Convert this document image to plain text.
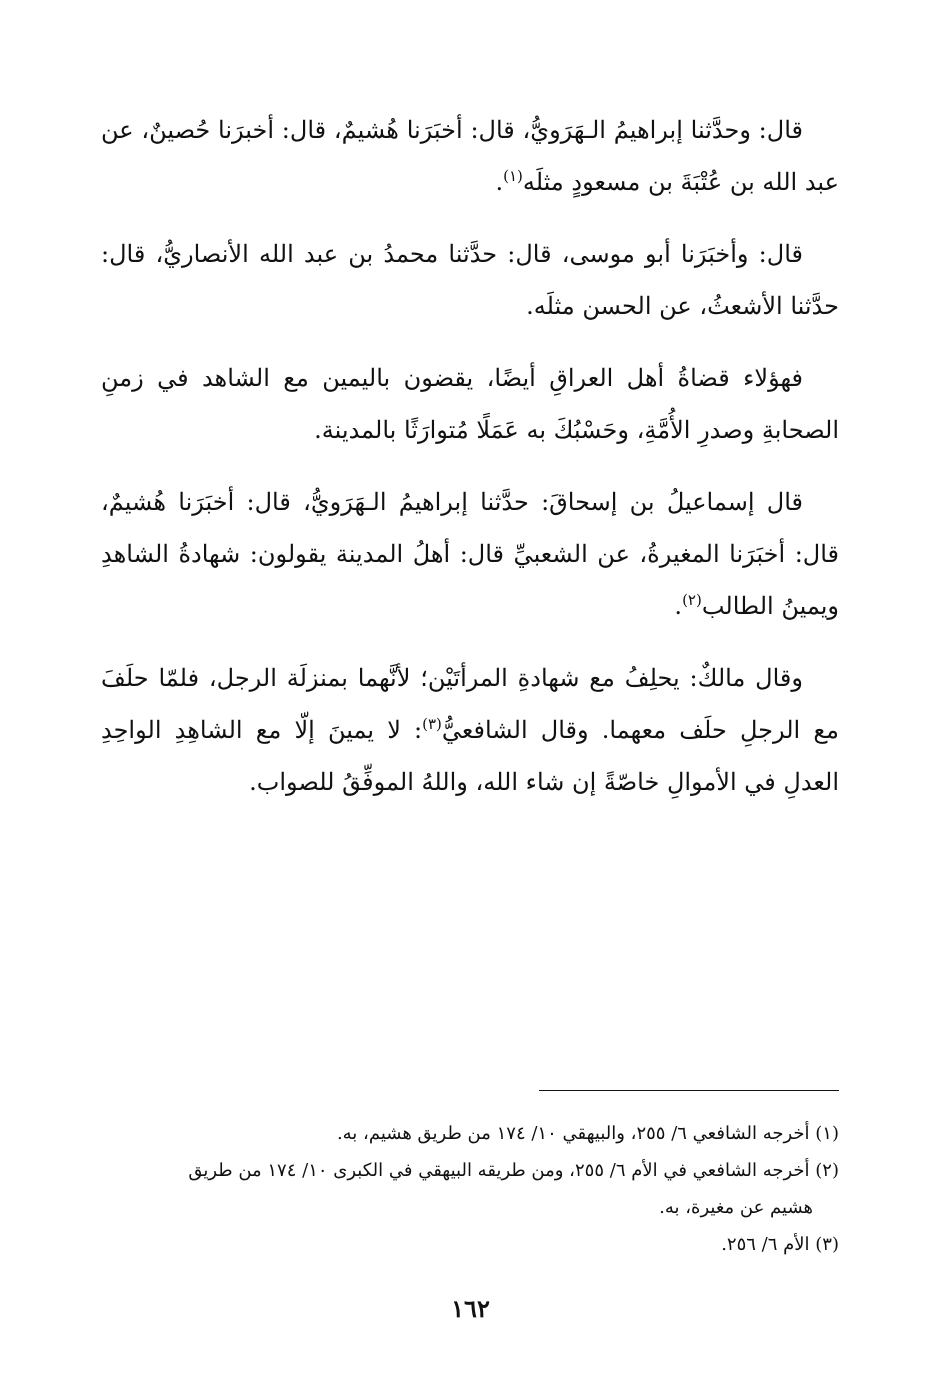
قال: وحدَّثنا إبراهيمُ الـهَرَويُّ، قال: أخبَرَنا هُشيمٌ، قال: أخبرَنا حُصينٌ، عن عبد الله بن عُتْبَةَ بن مسعودٍ مثلَه$^{(١)}$.

قال: وأخبَرَنا أبو موسى، قال: حدَّثنا محمدُ بن عبد الله الأنصاريُّ، قال: حدَّثنا الأشعثُ، عن الحسن مثلَه.

فهؤلاء قضاةُ أهل العراقِ أيضًا، يقضون باليمين مع الشاهد في زمنِ الصحابةِ وصدرِ الأُمَّةِ، وحَسْبُكَ به عَمَلًا مُتوارَثًا بالمدينة.

قال إسماعيلُ بن إسحاقَ: حدَّثنا إبراهيمُ الـهَرَويُّ، قال: أخبَرَنا هُشيمٌ، قال: أخبَرَنا المغيرةُ، عن الشعبيِّ قال: أهلُ المدينة يقولون: شهادةُ الشاهدِ ويمينُ الطالب$^{(٢)}$.

وقال مالكٌ: يحلِفُ مع شهادةِ المرأتَيْن؛ لأنَّهما بمنزلَة الرجل، فلمّا حلَفَ مع الرجلِ حلَف معهما. وقال الشافعيُّ$^{(٣)}$: لا يمينَ إلّا مع الشاهِدِ الواحِدِ العدلِ في الأموالِ خاصّةً إن شاء الله، واللهُ الموفِّقُ للصواب.

(١) أخرجه الشافعي ٦/ ٢٥٥، والبيهقي ١٠/ ١٧٤ من طريق هشيم، به.

(٢) أخرجه الشافعي في الأم ٦/ ٢٥٥، ومن طريقه البيهقي في الكبرى ١٠/ ١٧٤ من طريق
هشيم عن مغيرة، به.

(٣) الأم ٦/ ٢٥٦.

١٦٢
